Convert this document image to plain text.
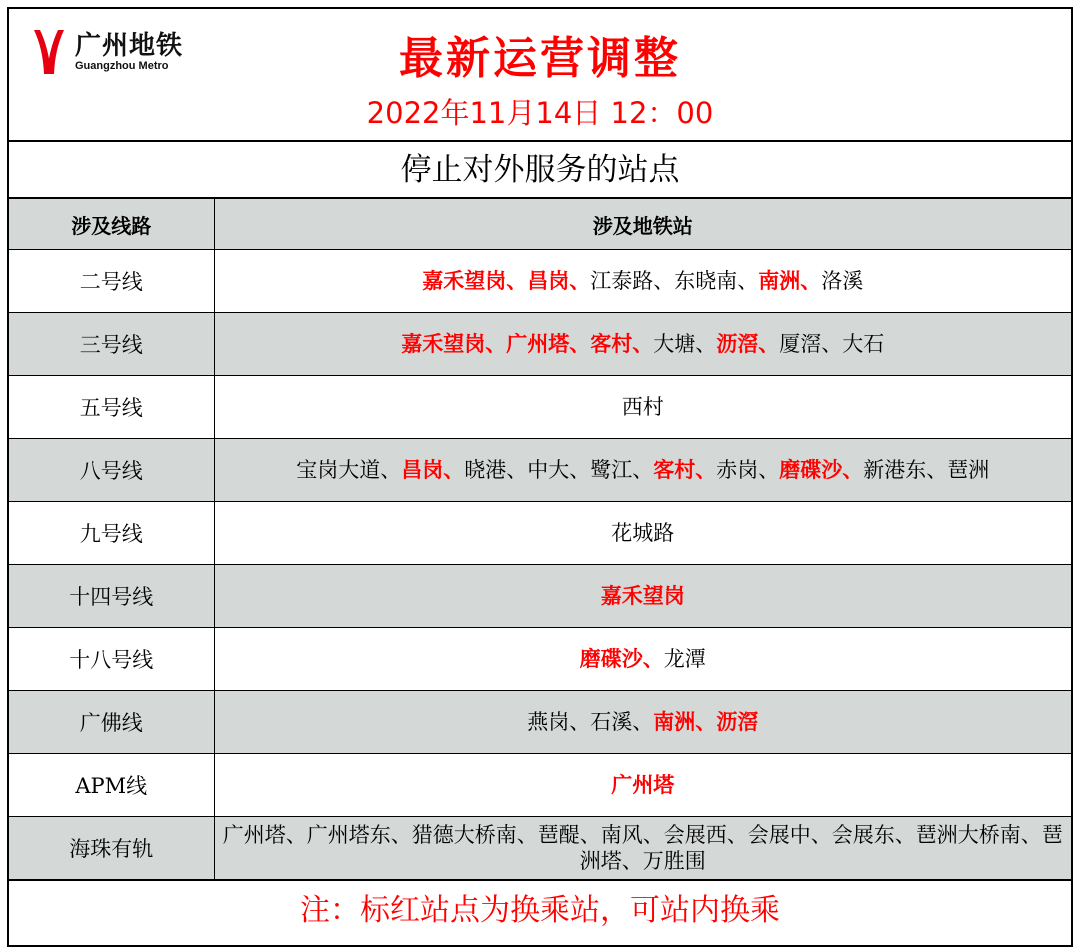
广州地铁
Guangzhou Metro	最新运营调整
2022年11月14日 12：00
停止对外服务的站点
涉及线路	涉及地铁站
二号线	嘉禾望岗、昌岗、江泰路、东晓南、南洲、洛溪
三号线	嘉禾望岗、广州塔、客村、大塘、沥滘、厦滘、大石
五号线	西村
八号线	宝岗大道、昌岗、晓港、中大、鹭江、客村、赤岗、磨碟沙、新港东、琶洲
九号线	花城路
十四号线	嘉禾望岗
十八号线	磨碟沙、龙潭
广佛线	燕岗、石溪、南洲、沥滘
APM线	广州塔
海珠有轨	广州塔、广州塔东、猎德大桥南、琶醍、南风、会展西、会展中、会展东、琶洲大桥南、琶洲塔、万胜围
注：标红站点为换乘站，可站内换乘
